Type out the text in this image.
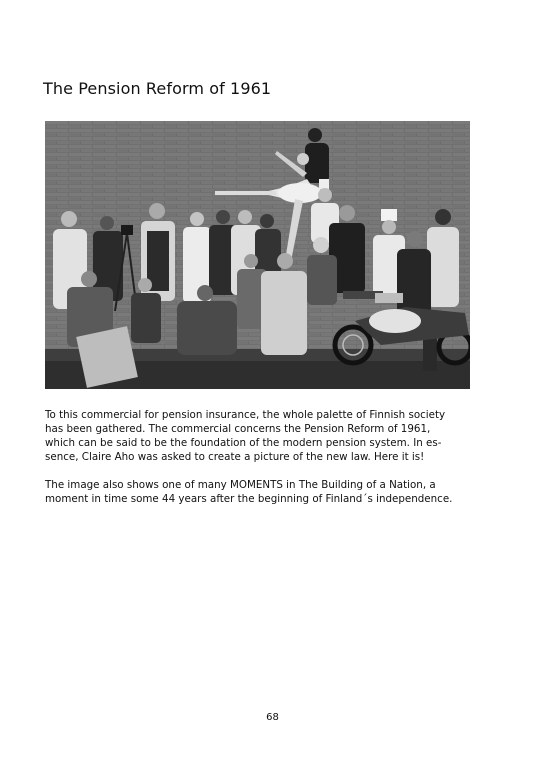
The Pension Reform of 1961
To this commercial for pension insurance, the whole palette of Finnish society
has been gathered. The commercial concerns the Pension Reform of 1961,
which can be said to be the foundation of the modern pension system. In es-
sence, Claire Aho was asked to create a picture of the new law. Here it is!
The image also shows one of many MOMENTS in The Building of a Nation, a
moment in time some 44 years after the beginning of Finland´s independence.
68
